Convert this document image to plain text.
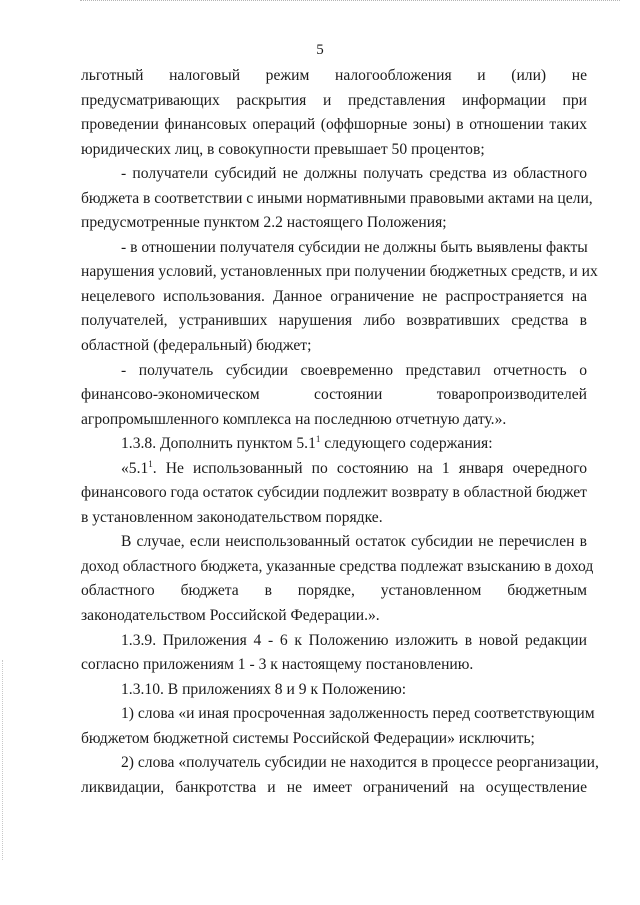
5
льготный налоговый режим налогообложения и (или) не
предусматривающих раскрытия и представления информации при
проведении финансовых операций (оффшорные зоны) в отношении таких
юридических лиц, в совокупности превышает 50 процентов;
- получатели субсидий не должны получать средства из областного
бюджета в соответствии с иными нормативными правовыми актами на цели,
предусмотренные пунктом 2.2 настоящего Положения;
- в отношении получателя субсидии не должны быть выявлены факты
нарушения условий, установленных при получении бюджетных средств, и их
нецелевого использования. Данное ограничение не распространяется на
получателей, устранивших нарушения либо возвративших средства в
областной (федеральный) бюджет;
- получатель субсидии своевременно представил отчетность о
финансово-экономическом состоянии товаропроизводителей
агропромышленного комплекса на последнюю отчетную дату.».
1.3.8. Дополнить пунктом $5.1^1$ следующего содержания:
«$5.1^1$. Не использованный по состоянию на 1 января очередного
финансового года остаток субсидии подлежит возврату в областной бюджет
в установленном законодательством порядке.
В случае, если неиспользованный остаток субсидии не перечислен в
доход областного бюджета, указанные средства подлежат взысканию в доход
областного бюджета в порядке, установленном бюджетным
законодательством Российской Федерации.».
1.3.9. Приложения 4 - 6 к Положению изложить в новой редакции
согласно приложениям 1 - 3 к настоящему постановлению.
1.3.10. В приложениях 8 и 9 к Положению:
1) слова «и иная просроченная задолженность перед соответствующим
бюджетом бюджетной системы Российской Федерации» исключить;
2) слова «получатель субсидии не находится в процессе реорганизации,
ликвидации, банкротства и не имеет ограничений на осуществление
